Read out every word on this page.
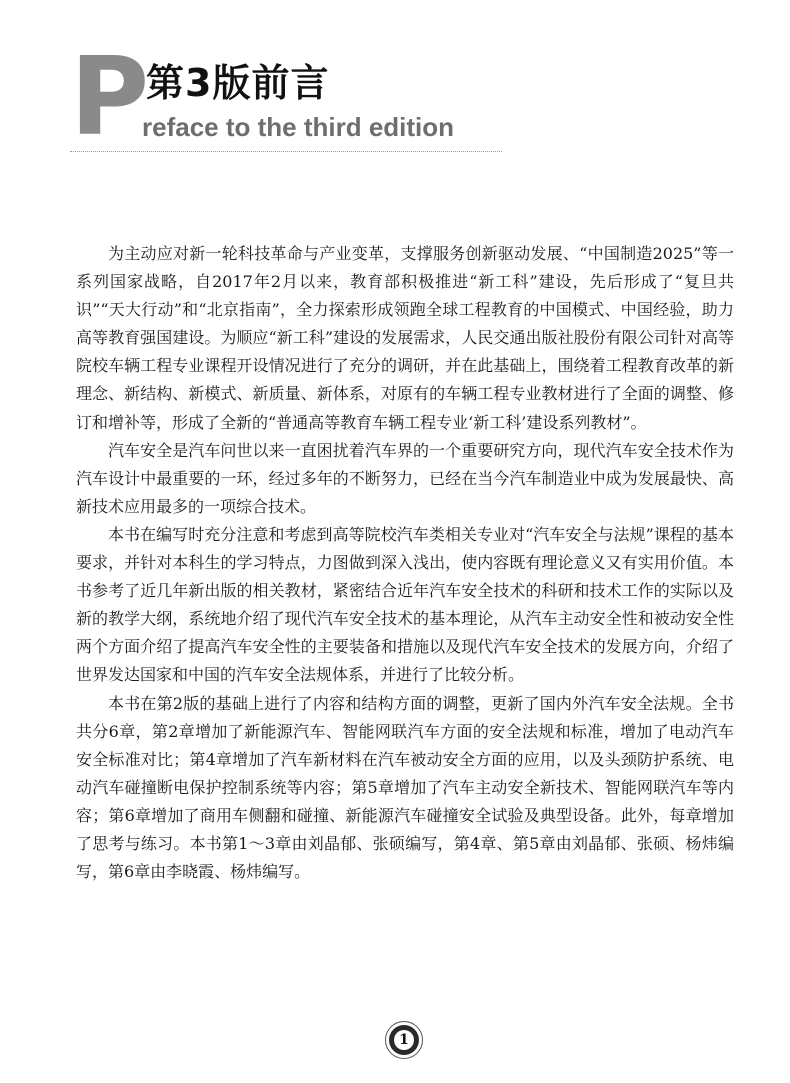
P 第3版前言
reface to the third edition

为主动应对新一轮科技革命与产业变革，支撑服务创新驱动发展、“中国制造2025”等一系列国家战略，自2017年2月以来，教育部积极推进“新工科”建设，先后形成了“复旦共识”“天大行动”和“北京指南”，全力探索形成领跑全球工程教育的中国模式、中国经验，助力高等教育强国建设。为顺应“新工科”建设的发展需求，人民交通出版社股份有限公司针对高等院校车辆工程专业课程开设情况进行了充分的调研，并在此基础上，围绕着工程教育改革的新理念、新结构、新模式、新质量、新体系，对原有的车辆工程专业教材进行了全面的调整、修订和增补等，形成了全新的“普通高等教育车辆工程专业‘新工科’建设系列教材”。

汽车安全是汽车问世以来一直困扰着汽车界的一个重要研究方向，现代汽车安全技术作为汽车设计中最重要的一环，经过多年的不断努力，已经在当今汽车制造业中成为发展最快、高新技术应用最多的一项综合技术。

本书在编写时充分注意和考虑到高等院校汽车类相关专业对“汽车安全与法规”课程的基本要求，并针对本科生的学习特点，力图做到深入浅出，使内容既有理论意义又有实用价值。本书参考了近几年新出版的相关教材，紧密结合近年汽车安全技术的科研和技术工作的实际以及新的教学大纲，系统地介绍了现代汽车安全技术的基本理论，从汽车主动安全性和被动安全性两个方面介绍了提高汽车安全性的主要装备和措施以及现代汽车安全技术的发展方向，介绍了世界发达国家和中国的汽车安全法规体系，并进行了比较分析。

本书在第2版的基础上进行了内容和结构方面的调整，更新了国内外汽车安全法规。全书共分6章，第2章增加了新能源汽车、智能网联汽车方面的安全法规和标准，增加了电动汽车安全标准对比；第4章增加了汽车新材料在汽车被动安全方面的应用，以及头颈防护系统、电动汽车碰撞断电保护控制系统等内容；第5章增加了汽车主动安全新技术、智能网联汽车等内容；第6章增加了商用车侧翻和碰撞、新能源汽车碰撞安全试验及典型设备。此外，每章增加了思考与练习。本书第1～3章由刘晶郁、张硕编写，第4章、第5章由刘晶郁、张硕、杨炜编写，第6章由李晓霞、杨炜编写。

1
